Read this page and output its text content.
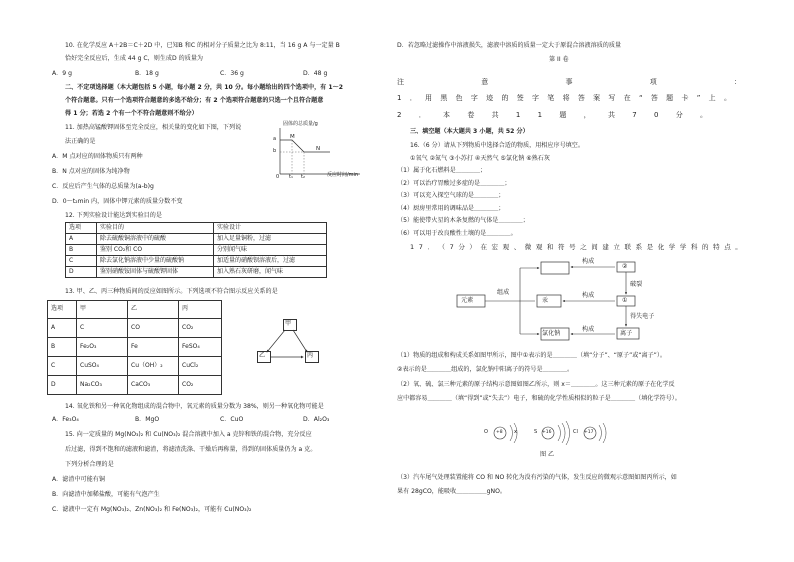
10. 在化学反应 A＋2B＝C＋2D 中，已知B 和C 的相对分子质量之比为 8:11，当 16 g A 与一定量 B
恰好完全反应后，生成 44 g C，则生成D 的质量为
A．9 g	B．18 g	C．36 g	D．48 g
二、不定项选择题（本大题包括 5 小题，每小题 2 分，共 10 分。每小题给出的四个选项中，有 1～2
个符合题意。只有一个选项符合题意的多选不给分；有 2 个选项符合题意的只选一个且符合题意
得 1 分；若选 2 个有一个不符合题意则不给分）
11. 加热高锰酸钾固体至完全反应，相关量的变化如下图，下列说
法正确的是
A．M 点对应的固体物质只有两种
B．N 点对应的固体为纯净物
C．反应后产生气体的总质量为(a-b)g
D．0～t₂min 内，固体中钾元素的质量分数不变
固体的总质量/g
反应时间/min
a
b
M
N
0 t₁ t₂
12. 下列实验设计能达到实验目的是
选项	实验目的	实验设计
A	除去硫酸铜溶液中的硫酸	加入足量铜粉，过滤
B	鉴别 CO₂和 CO	分别闻气味
C	除去氯化钠溶液中少量的硫酸钠	加适量的硝酸钡溶液后，过滤
D	鉴别硝酸铵固体与硫酸钾固体	加入熟石灰研磨，闻气味
13. 甲、乙、丙三种物质间的反应如图所示。下列选项不符合图示反应关系的是
选项	甲	乙	丙
A	C	CO	CO₂
B	Fe₂O₃	Fe	FeSO₄
C	CuSO₄	Cu（OH）₂	CuCl₂
D	Na₂CO₃	CaCO₃	CO₂
甲
乙	丙
14. 氧化铁和另一种氧化物组成的混合物中，氧元素的质量分数为 38%，则另一种氧化物可能是
A．Fe₃O₄	B．MgO	C．CuO	D．Al₂O₃
15. 向一定质量的 Mg(NO₃)₂ 和 Cu(NO₃)₂ 混合溶液中加入 a 克锌和铁的混合物，充分反应
后过滤，得到不饱和的滤液和滤渣，将滤渣洗涤、干燥后再称量，得到的固体质量仍为 a 克。
下列分析合理的是
A．滤渣中可能有铜
B．向滤渣中加稀盐酸，可能有气泡产生
C．滤液中一定有 Mg(NO₃)₂、Zn(NO₃)₂ 和 Fe(NO₃)₂，可能有 Cu(NO₃)₂
D．若忽略过滤操作中溶液损失，滤液中溶质的质量一定大于原混合溶液溶质的质量
第 II 卷
注	意	事	项	：
1 ． 用 黑 色 字 迹 的 签 字 笔 将 答 案 写 在 “ 答 题 卡 ” 上 。
2 ． 本 卷 共 1 1 题 ， 共 7 0 分 。
三、填空题（本大题共 3 小题，共 52 分）
16.（6 分）请从下列物质中选择合适的物质，用相应序号填空。
①氧气 ②氮气 ③小苏打 ④天然气 ⑤氯化钠 ⑥熟石灰
（1）属于化石燃料是＿＿＿＿；
（2）可以治疗胃酸过多症的是＿＿＿＿；
（3）可以充入探空气球的是＿＿＿＿；
（4）厨房里常用的调味品是＿＿＿＿；
（5）能使带火星的木条复燃的气体是＿＿＿＿；
（6）可以用于改良酸性土壤的是＿＿＿＿。
1 7 ． （ 7 分 ） 在 宏 观 、 微 观 和 符 号 之 间 建 立 联 系 是 化 学 学 科 的 特 点 。
元素
组成
汞
构成
构成
构成
②
①
破裂
得失电子
离子
氯化钠
（1）物质的组成和构成关系如图甲所示，图中①表示的是＿＿＿＿（填“分子”、“原子”或“离子”）。
②表示的是＿＿＿＿组成的，氯化钠中阳离子的符号是＿＿＿＿。
（2）氧、硫、氯三种元素的原子结构示意图如图乙所示，则 x＝＿＿＿＿。这三种元素的原子在化学反
应中都容易＿＿＿＿（填“得到”或“失去”）电子，和硫的化学性质相似的粒子是＿＿＿＿（填化学符号）。
O +8	S +16	Cl +17
x
图 乙
（3）汽车尾气处理装置能将 CO 和 NO 转化为没有污染的气体，发生反应的微观示意图如图丙所示，如
果有 28gCO，能吸收＿＿＿＿＿gNO。
